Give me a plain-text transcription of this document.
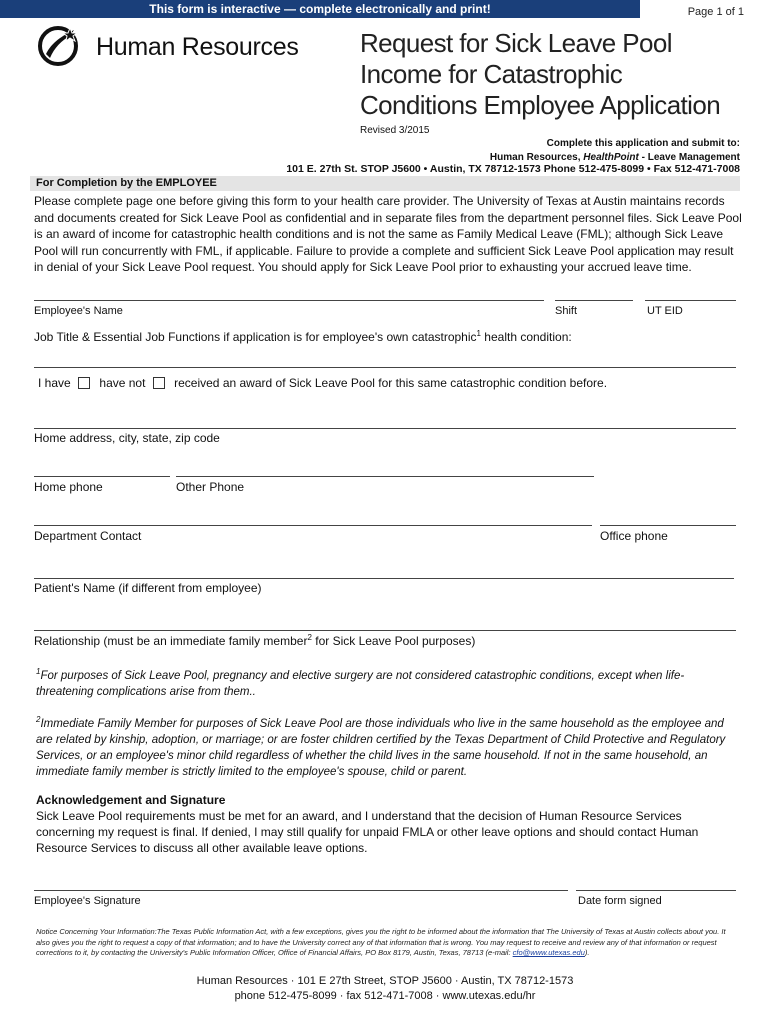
This form is interactive — complete electronically and print!	Page 1 of 1
Human Resources Request for Sick Leave Pool
Income for Catastrophic
Conditions Employee Application
Revised 3/2015
Complete this application and submit to:
Human Resources, HealthPoint - Leave Management
101 E. 27th St. STOP J5600 • Austin, TX 78712-1573 Phone 512-475-8099 • Fax 512-471-7008
For Completion by the EMPLOYEE
Please complete page one before giving this form to your health care provider. The University of Texas at Austin maintains records and documents created for Sick Leave Pool as confidential and in separate files from the department personnel files. Sick Leave Pool is an award of income for catastrophic health conditions and is not the same as Family Medical Leave (FML); although Sick Leave Pool will run concurrently with FML, if applicable. Failure to provide a complete and sufficient Sick Leave Pool application may result in denial of your Sick Leave Pool request. You should apply for Sick Leave Pool prior to exhausting your accrued leave time.
Employee's Name	Shift	UT EID
Job Title & Essential Job Functions if application is for employee's own catastrophic$^1$ health condition:
I have have not received an award of Sick Leave Pool for this same catastrophic condition before.
Home address, city, state, zip code
Home phone	Other Phone
Department Contact	Office phone
Patient's Name (if different from employee)
Relationship (must be an immediate family member$^2$ for Sick Leave Pool purposes)
$^1$For purposes of Sick Leave Pool, pregnancy and elective surgery are not considered catastrophic conditions, except when life-threatening complications arise from them..
$^2$Immediate Family Member for purposes of Sick Leave Pool are those individuals who live in the same household as the employee and are related by kinship, adoption, or marriage; or are foster children certified by the Texas Department of Child Protective and Regulatory Services, or an employee's minor child regardless of whether the child lives in the same household. If not in the same household, an immediate family member is strictly limited to the employee's spouse, child or parent.
Acknowledgement and Signature
Sick Leave Pool requirements must be met for an award, and I understand that the decision of Human Resource Services concerning my request is final. If denied, I may still qualify for unpaid FMLA or other leave options and should contact Human Resource Services to discuss all other available leave options.
Employee's Signature	Date form signed
Notice Concerning Your Information:The Texas Public Information Act, with a few exceptions, gives you the right to be informed about the information that The University of Texas at Austin collects about you. It also gives you the right to request a copy of that information; and to have the University correct any of that information that is wrong. You may request to receive and review any of that information or request corrections to it, by contacting the University's Public Information Officer, Office of Financial Affairs, PO Box 8179, Austin, Texas, 78713 (e-mail: cfo@www.utexas.edu).
Human Resources · 101 E 27th Street, STOP J5600 · Austin, TX 78712-1573
phone 512-475-8099 · fax 512-471-7008 · www.utexas.edu/hr
